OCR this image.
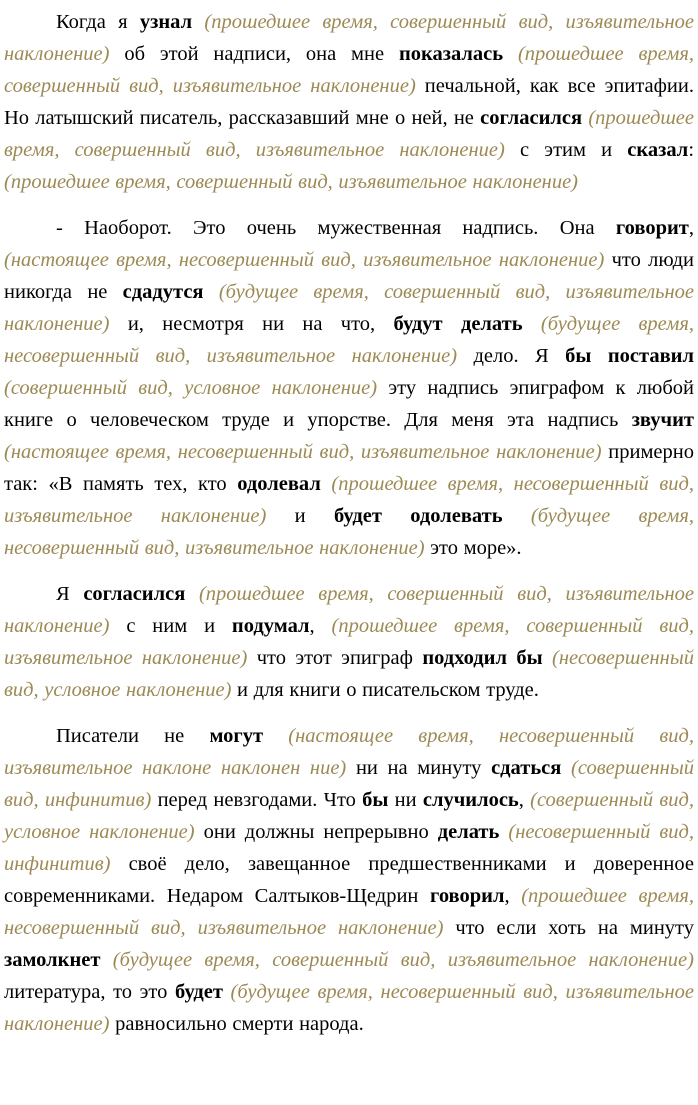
Когда я узнал (прошедшее время, совершенный вид, изъявительное наклонение) об этой надписи, она мне показалась (прошедшее время, совершенный вид, изъявительное наклонение) печальной, как все эпитафии. Но латышский писатель, рассказавший мне о ней, не согласился (прошедшее время, совершенный вид, изъявительное наклонение) с этим и сказал: (прошедшее время, совершенный вид, изъявительное наклонение)

- Наоборот. Это очень мужественная надпись. Она говорит, (настоящее время, несовершенный вид, изъявительное наклонение) что люди никогда не сдадутся (будущее время, совершенный вид, изъявительное наклонение) и, несмотря ни на что, будут делать (будущее время, несовершенный вид, изъявительное наклонение) дело. Я бы поставил (совершенный вид, условное наклонение) эту надпись эпиграфом к любой книге о человеческом труде и упорстве. Для меня эта надпись звучит (настоящее время, несовершенный вид, изъявительное наклонение) примерно так: «В память тех, кто одолевал (прошедшее время, несовершенный вид, изъявительное наклонение) и будет одолевать (будущее время, несовершенный вид, изъявительное наклонение) это море».

Я согласился (прошедшее время, совершенный вид, изъявительное наклонение) с ним и подумал, (прошедшее время, совершенный вид, изъявительное наклонение) что этот эпиграф подходил бы (несовершенный вид, условное наклонение) и для книги о писательском труде.

Писатели не могут (настоящее время, несовершенный вид, изъявительное наклоне наклонен ние) ни на минуту сдаться (совершенный вид, инфинитив) перед невзгодами. Что бы ни случилось, (совершенный вид, условное наклонение) они должны непрерывно делать (несовершенный вид, инфинитив) своё дело, завещанное предшественниками и доверенное современниками. Недаром Салтыков-Щедрин говорил, (прошедшее время, несовершенный вид, изъявительное наклонение) что если хоть на минуту замолкнет (будущее время, совершенный вид, изъявительное наклонение) литература, то это будет (будущее время, несовершенный вид, изъявительное наклонение) равносильно смерти народа.
